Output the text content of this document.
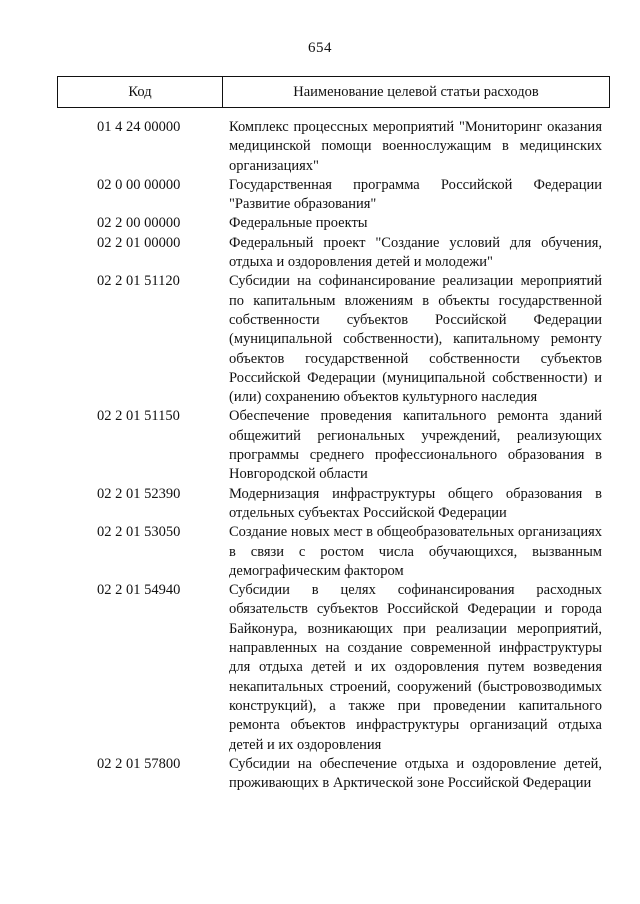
654
Код	Наименование целевой статьи расходов
01 4 24 00000	Комплекс процессных мероприятий "Мониторинг оказания медицинской помощи военнослужащим в медицинских организациях"
02 0 00 00000	Государственная программа Российской Федерации "Развитие образования"
02 2 00 00000	Федеральные проекты
02 2 01 00000	Федеральный проект "Создание условий для обучения, отдыха и оздоровления детей и молодежи"
02 2 01 51120	Субсидии на софинансирование реализации мероприятий по капитальным вложениям в объекты государственной собственности субъектов Российской Федерации (муниципальной собственности), капитальному ремонту объектов государственной собственности субъектов Российской Федерации (муниципальной собственности) и (или) сохранению объектов культурного наследия
02 2 01 51150	Обеспечение проведения капитального ремонта зданий общежитий региональных учреждений, реализующих программы среднего профессионального образования в Новгородской области
02 2 01 52390	Модернизация инфраструктуры общего образования в отдельных субъектах Российской Федерации
02 2 01 53050	Создание новых мест в общеобразовательных организациях в связи с ростом числа обучающихся, вызванным демографическим фактором
02 2 01 54940	Субсидии в целях софинансирования расходных обязательств субъектов Российской Федерации и города Байконура, возникающих при реализации мероприятий, направленных на создание современной инфраструктуры для отдыха детей и их оздоровления путем возведения некапитальных строений, сооружений (быстровозводимых конструкций), а также при проведении капитального ремонта объектов инфраструктуры организаций отдыха детей и их оздоровления
02 2 01 57800	Субсидии на обеспечение отдыха и оздоровление детей, проживающих в Арктической зоне Российской Федерации
